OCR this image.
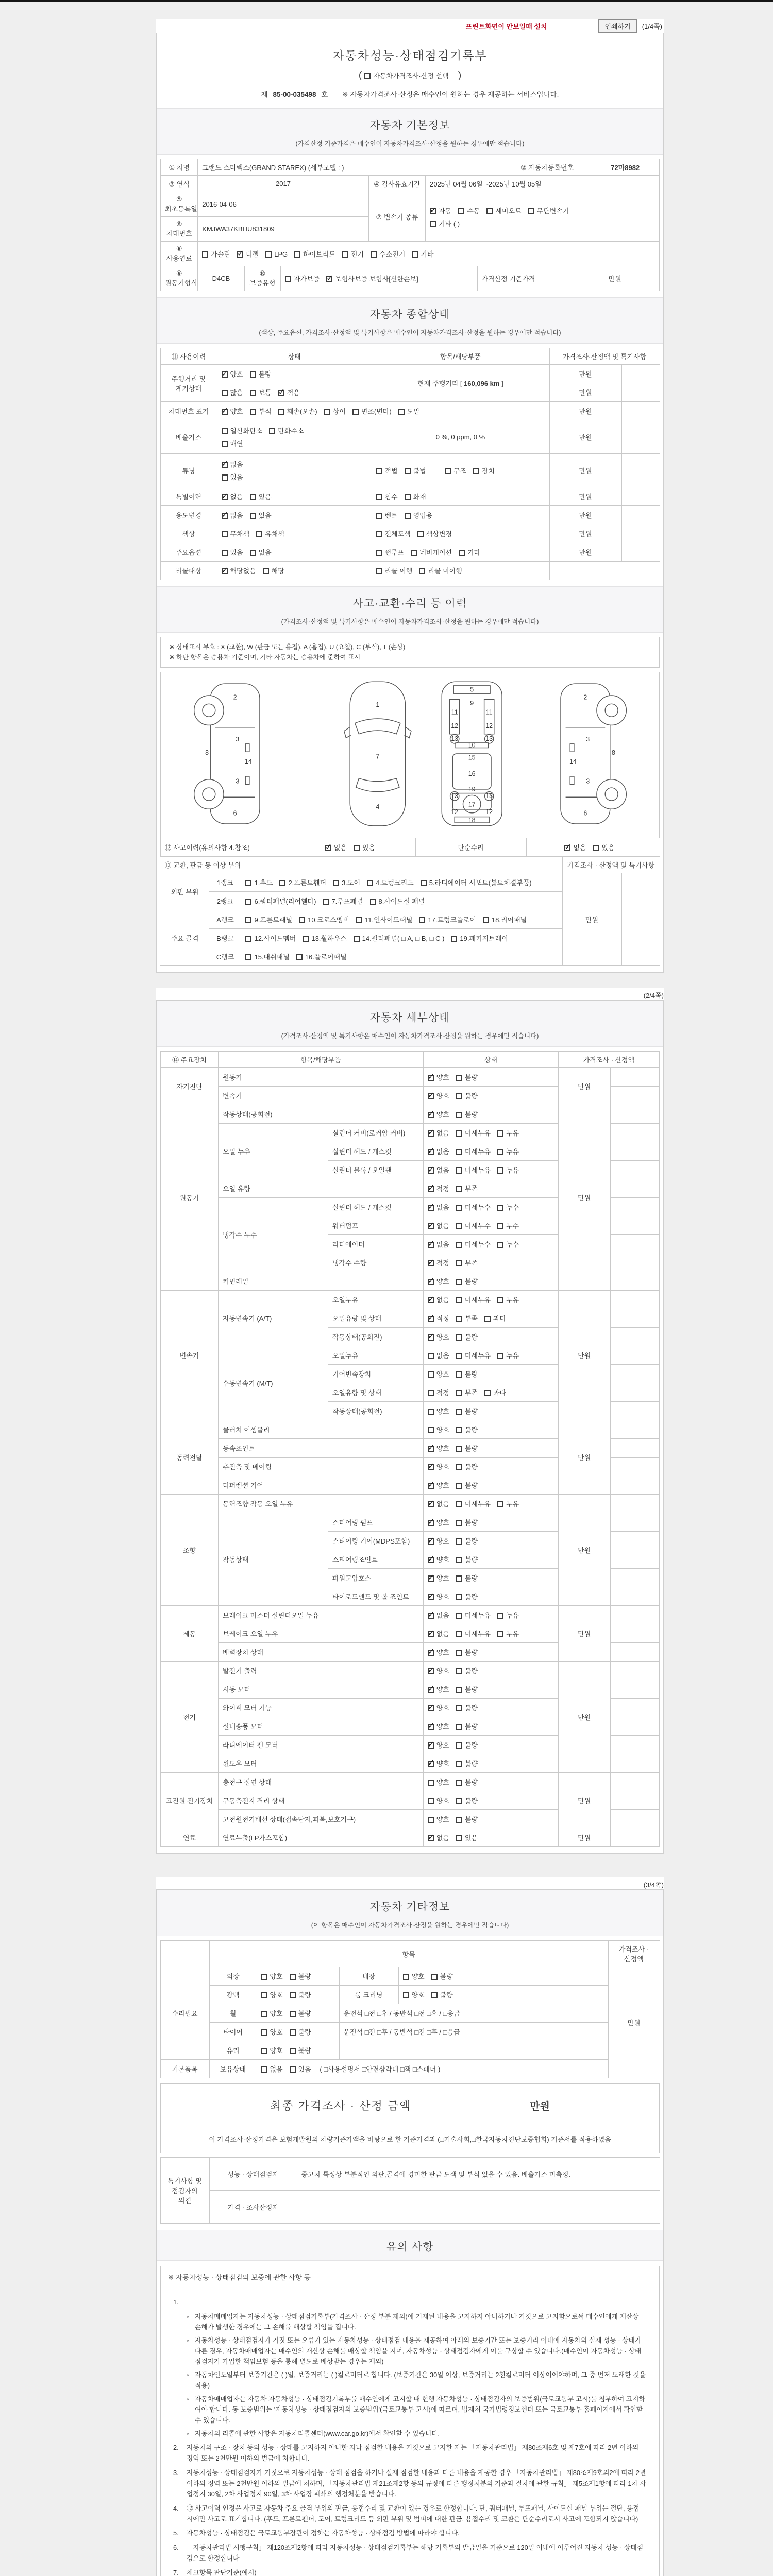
프린트화면이 안보일때 설치	인쇄하기	(1/4쪽)
자동차성능·상태점검기록부
( 자동차가격조사·산정 선택 )
제 85-00-035498 호 ※ 자동차가격조사·산정은 매수인이 원하는 경우 제공하는 서비스입니다.
자동차 기본정보
(가격산정 기준가격은 매수인이 자동차가격조사·산정을 원하는 경우에만 적습니다)
① 차명	그랜드 스타렉스(GRAND STAREX) (세부모델 : )			② 자동차등록번호	72마8982
③ 연식	2017	④ 검사유효기간	2025년 04월 06일 ~2025년 10월 05일		
⑤ 최초등록일	2016-04-06	⑦ 변속기 종류	
✓자동 수동 세미오토 무단변속기
기타 ( )

⑥ 차대번호	KMJWA37KBHU831809				
⑧ 사용연료	가솔린 ✓ 디젤 LPG 하이브리드 전기 수소전기 기타
⑨ 원동기형식	D4CB	⑩ 보증유형	자가보증 ✓ 보험사보증 보험사[신한손보]	가격산정 기준가격	만원
자동차 종합상태
(색상, 주요옵션, 가격조사·산정액 및 특기사항은 매수인이 자동차가격조사·산정을 원하는 경우에만 적습니다)
⑪ 사용이력	상태	항목/해당부품	가격조사·산정액 및 특기사항	
주행거리 및 계기상태	✓양호 불량	현재 주행거리 [ 160,096 km ]	만원	
	많음 보통 ✓ 적음		만원	
차대번호 표기	✓양호 부식 훼손(오손) 상이 변조(변타) 도말		만원	
배출가스	일산화탄소 탄화수소
매연	0 %, 0 ppm, 0 %	만원	
튜닝	
✓없음
있음	적법 불법 구조 장치	만원	
특별이력	✓없음 있음	침수 화재	만원	
용도변경	✓없음 있음	렌트 영업용	만원	
색상	무채색 유채색	전체도색 색상변경	만원	
주요옵션	있음 없음	썬루프 네비게이션 기타	만원	
리콜대상	✓해당없음 해당	리콜 이행 리콜 미이행		
사고·교환·수리 등 이력
(가격조사·산정액 및 특기사항은 매수인이 자동차가격조사·산정을 원하는 경우에만 적습니다)
※ 상태표시 부호 : X (교환), W (판금 또는 용접), A (흠집), U (요철), C (부식), T (손상)
※ 하단 항목은 승용차 기준이며, 기타 자동차는 승용차에 준하여 표시
2
8
3
14
3
6
2
8
3
14
3
6
1
7
4
5
9
11	11
12	12
13	13
10
15
16
19
13	13
12
17
12
18
⑫ 사고이력(유의사항 4.참조)	✓없음 있음	단순수리	✓없음 있음
⑬ 교환, 판금 등 이상 부위			가격조사 · 산정액 및 특기사항	
외판 부위	1랭크	1.후드 2.프론트휀더 3.도어 4.트렁크리드 5.라디에이터 서포트(볼트체결부품)	만원	
	2랭크	6.쿼터패널(리어휀다) 7.루프패널 8.사이드실 패널		
주요 골격	A랭크	9.프론트패널 10.크로스멤버 11.인사이드패널 17.트렁크플로어 18.리어패널		
	B랭크	12.사이드멤버 13.휠하우스 14.필러패널( □ A, □ B, □ C ) 19.패키지트레이		
	C랭크	15.대쉬패널 16.플로어패널		
(2/4쪽)
자동차 세부상태
(가격조사·산정액 및 특기사항은 매수인이 자동차가격조사·산정을 원하는 경우에만 적습니다)
⑭ 주요장치	항목/해당부품		상태	가격조사 · 산정액	
자기진단	원동기	✓양호 불량	만원	
	변속기	✓양호 불량	
원동기	작동상태(공회전)	✓양호 불량	만원	
	오일 누유	실린더 커버(로커암 커버)	✓없음 미세누유 누유	
		실린더 헤드 / 개스킷	✓없음 미세누유 누유	
		실린더 블록 / 오일팬	✓없음 미세누유 누유	
	오일 유량	✓적정 부족	
	냉각수 누수	실린더 헤드 / 개스킷	✓없음 미세누수 누수	
		워터펌프	✓없음 미세누수 누수	
		라디에이터	✓없음 미세누수 누수	
		냉각수 수량	✓적정 부족	
	커먼레일	✓양호 불량	
변속기	자동변속기 (A/T)	오일누유	✓없음 미세누유 누유	만원	
		오일유량 및 상태	✓적정 부족 과다	
		작동상태(공회전)	✓양호 불량	
	수동변속기 (M/T)	오일누유	없음 미세누유 누유		
		기어변속장치	양호 불량		
		오일유량 및 상태	적정 부족 과다		
		작동상태(공회전)	양호 불량		
동력전달	클러치 어셈블리		양호 불량	만원	
	등속죠인트	✓양호 불량	
	추진축 및 베어링	✓양호 불량	
	디퍼렌셜 기어	✓양호 불량	
조향	동력조향 작동 오일 누유	✓없음 미세누유 누유	만원	
	작동상태	스티어링 펌프	✓양호 불량	
		스티어링 기어(MDPS포함)	✓양호 불량	
		스티어링조인트	✓양호 불량	
		파워고압호스	✓양호 불량	
		타이로드엔드 및 볼 죠인트	✓양호 불량	
제동	브레이크 마스터 실린더오일 누유	✓없음 미세누유 누유	만원	
	브레이크 오일 누유	✓없음 미세누유 누유	
	배력장치 상태	✓양호 불량	
전기	발전기 출력	✓양호 불량	만원	
	시동 모터	✓양호 불량	
	와이퍼 모터 기능	✓양호 불량	
	실내송풍 모터	✓양호 불량	
	라디에이터 팬 모터	✓양호 불량	
	윈도우 모터	✓양호 불량	
고전원 전기장치	충전구 절연 상태		양호 불량	만원	
	구동축전지 격리 상태		양호 불량		
	고전원전기배선 상태(접속단자,피복,보호기구)		양호 불량		
연료	연료누출(LP가스포함)	✓없음 있음	만원	
(3/4쪽)
자동차 기타정보
(이 항목은 매수인이 자동차가격조사·산정을 원하는 경우에만 적습니다)
	항목				가격조사 · 산정액
수리필요	외장	양호 불량	내장	양호 불량	만원
	광택	양호 불량	룸 크리닝	양호 불량	
	휠	양호 불량	운전석 □전 □후 / 동반석 □전 □후 / □응급		
	타이어	양호 불량	운전석 □전 □후 / 동반석 □전 □후 / □응급		
	유리	양호 불량			
기본품목	보유상태	없음 있음 ( □사용설명서 □안전삼각대 □잭 □스패너 )			
최종 가격조사 · 산정 금액	만원
이 가격조사·산정가격은 보험개발원의 차량기준가액을 바탕으로 한 기준가격과 (□기술사회,□한국자동차진단보증협회) 기준서를 적용하였음
특기사항 및 점검자의 의견	성능 · 상태점검자	중고차 특성상 부분적인 외판,골격에 경미한 판금 도색 및 부식 있을 수 있음. 배출가스 미측정.
	가격 · 조사산정자	
유의 사항
※ 자동차성능 · 상태점검의 보증에 관한 사항 등
1.
◦ 자동차매매업자는 자동차성능 · 상태점검기록부(가격조사 · 산정 부분 제외)에 기재된 내용을 고지하지 아니하거나 거짓으로 고지함으로써 매수인에게 재산상 손해가 발생한 경우에는 그 손해를 배상할 책임을 집니다.
◦ 자동차성능 · 상태점검자가 거짓 또는 오류가 있는 자동차성능 · 상태점검 내용을 제공하여 아래의 보증기간 또는 보증거리 이내에 자동차의 실제 성능 · 상태가 다른 경우, 자동차매매업자는 매수인의 재산상 손해를 배상할 책임을 지며, 자동차성능 · 상태점검자에게 이를 구상할 수 있습니다.(매수인이 자동차성능 · 상태점검자가 가입한 책임보험 등을 통해 별도로 배상받는 경우는 제외)
◦ 자동차인도일부터 보증기간은 ( )일, 보증거리는 ( )킬로미터로 합니다. (보증기간은 30일 이상, 보증거리는 2천킬로미터 이상이어야하며, 그 중 먼저 도래한 것을 적용)
◦ 자동차매매업자는 자동차 자동차성능 · 상태점검기록부를 매수인에게 고지할 때 현행 자동차성능 · 상태점검자의 보증범위(국토교통부 고시)를 첨부하여 고지하여야 합니다. 동 보증범위는 '자동차성능 · 상태점검자의 보증범위'(국토교통부 고시)에 따르며, 법제처 국가법령정보센터 또는 국토교통부 홈페이지에서 확인할 수 있습니다.
◦ 자동차의 리콜에 관한 사항은 자동차리콜센터(www.car.go.kr)에서 확인할 수 있습니다.
2.	자동차의 구조 · 장치 등의 성능 · 상태를 고지하지 아니한 자나 점검한 내용을 거짓으로 고지한 자는 「자동차관리법」 제80조제6호 및 제7호에 따라 2년 이하의 징역 또는 2천만원 이하의 벌금에 처합니다.
3.	자동차성능 · 상태점검자가 거짓으로 자동차성능 · 상태 점검을 하거나 실제 점검한 내용과 다른 내용을 제공한 경우 「자동차관리법」 제80조제9호의2에 따라 2년 이하의 징역 또는 2천만원 이하의 벌금에 처하며, 「자동차관리법 제21조제2항 등의 규정에 따른 행정처분의 기준과 절차에 관한 규칙」 제5조제1항에 따라 1차 사업정지 30일, 2차 사업정지 90일, 3차 사업장 폐쇄의 행정처분을 받습니다.
4.	⑫ 사고이력 인정은 사고로 자동차 주요 골격 부위의 판금, 용접수리 및 교환이 있는 경우로 한정합니다. 단, 쿼터패널, 루프패널, 사이드실 패널 부위는 절단, 용접 시에만 사고로 표기합니다. (후드, 프론트펜더, 도어, 트렁크리드 등 외판 부위 및 범퍼에 대한 판금, 용접수리 및 교환은 단순수리로서 사고에 포함되지 않습니다)
5.	자동차성능 · 상태점검은 국토교통부장관이 정하는 자동차성능 · 상태점검 방법에 따라야 합니다.
6.	「자동차관리법 시행규칙」 제120조제2항에 따라 자동차성능 · 상태점검기록부는 해당 기록부의 발급일을 기준으로 120일 이내에 이루어진 자동차 성능 · 상태점검으로 한정합니다
7.	체크항목 판단기준(예시)
